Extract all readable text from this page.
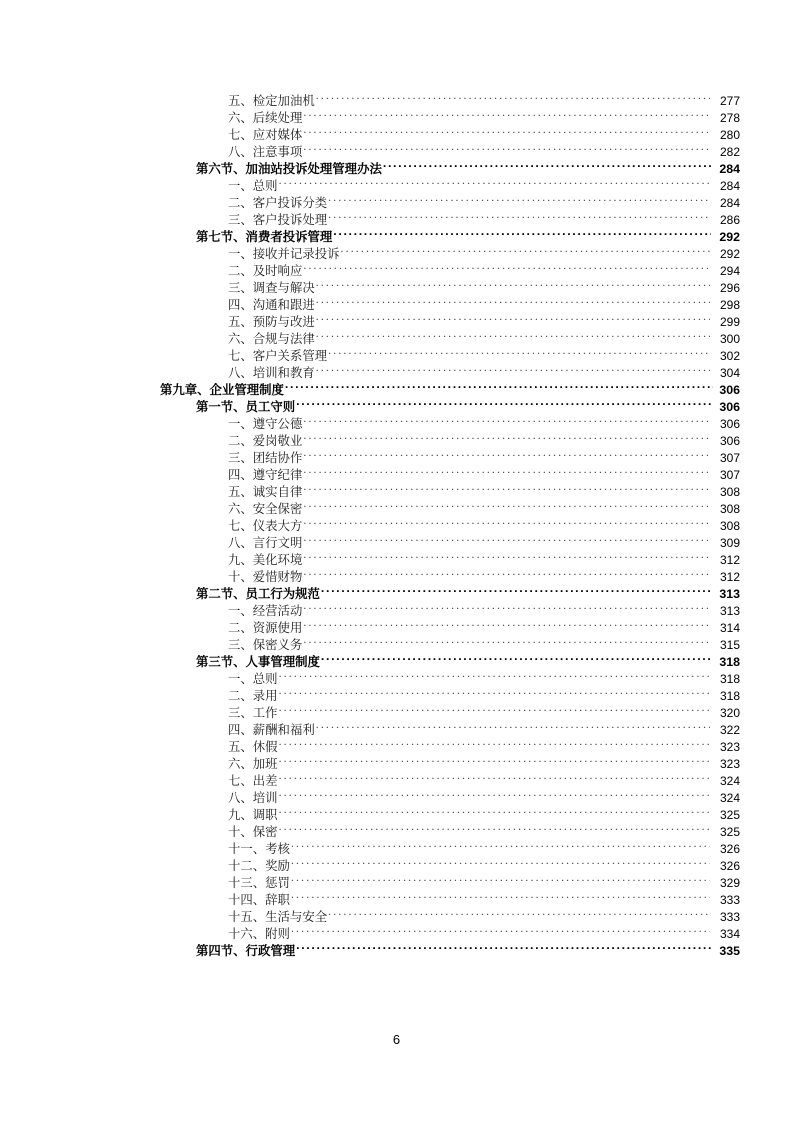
五、检定加油机 . . .	277
六、后续处理 . . .	278
七、应对媒体 . . .	280
八、注意事项 . . .	282
第六节、加油站投诉处理管理办法 . . .	284
一、总则 . . .	284
二、客户投诉分类 . . .	284
三、客户投诉处理 . . .	286
第七节、消费者投诉管理 . . .	292
一、接收并记录投诉 . . .	292
二、及时响应 . . .	294
三、调查与解决 . . .	296
四、沟通和跟进 . . .	298
五、预防与改进 . . .	299
六、合规与法律 . . .	300
七、客户关系管理 . . .	302
八、培训和教育 . . .	304
第九章、企业管理制度 . . .	306
第一节、员工守则 . . .	306
一、遵守公德 . . .	306
二、爱岗敬业 . . .	306
三、团结协作 . . .	307
四、遵守纪律 . . .	307
五、诚实自律 . . .	308
六、安全保密 . . .	308
七、仪表大方 . . .	308
八、言行文明 . . .	309
九、美化环境 . . .	312
十、爱惜财物 . . .	312
第二节、员工行为规范 . . .	313
一、经营活动 . . .	313
二、资源使用 . . .	314
三、保密义务 . . .	315
第三节、人事管理制度 . . .	318
一、总则 . . .	318
二、录用 . . .	318
三、工作 . . .	320
四、薪酬和福利 . . .	322
五、休假 . . .	323
六、加班 . . .	323
七、出差 . . .	324
八、培训 . . .	324
九、调职 . . .	325
十、保密 . . .	325
十一、考核 . . .	326
十二、奖励 . . .	326
十三、惩罚 . . .	329
十四、辞职 . . .	333
十五、生活与安全 . . .	333
十六、附则 . . .	334
第四节、行政管理 . . .	335
6
